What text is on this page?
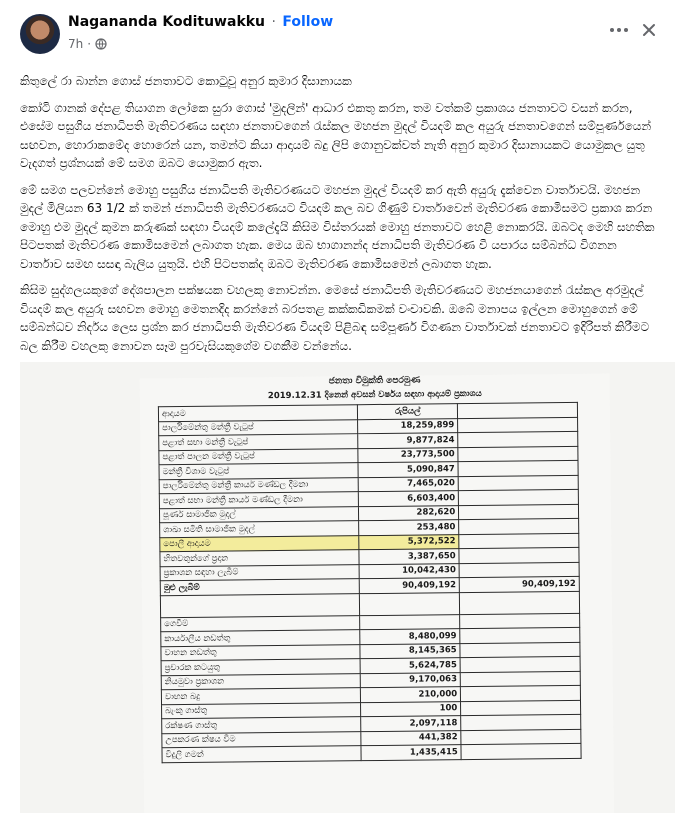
Nagananda Kodituwakku · Follow
7h ·
කිතුලේ රා බාන්න ගොස් ජනතාවට කොටුවූ අනුර කුමාර දිසානායක

කෝටි ගානක් දේපළ තියාගන ලෝකෙ සුරා ගොස් 'මුදලින්' ආධාර එකතු කරන, තම වත්කම් ප්‍රකාශය ජනතාවට වසන් කරන, එසේම පසුගිය ජනාධිපති මැතිවරණය සඳහා ජනතාවගෙන් රැස්කල මහජන මුදල් වියදම් කල අයුරු ජනතාවගෙන් සම්පූර්ණයෙන් සඟවන, හොරාකමේද හොරෙන් යන, තමන්ට කියා ආදායම් බදු ලිපි ගොනුවක්වත් නැති අනුර කුමාර දිසානායකට යොමුකල යුතු වැදගත් ප්‍රශ්නයක් මේ සමග ඔබට යොමුකර ඇත.

මේ සමග පලවන්නේ මොහු පසුගිය ජනාධිපති මැතිවරණයට මහජන මුදල් වියදම් කර ඇති අයුරු දැක්වෙන වාර්තාවයි. මහජන මුදල් මිලියන 63 1/2 ක් තමන් ජනාධිපති මැතිවරණයට වියදම් කල බව ගිණුම් වාර්තාවෙන් මැතිවරණ කොමිසමට ප්‍රකාශ කරන මොහු එම මුදල් කුමන කරුණක් සඳහා වියදම් කලේදැයි කිසිම විස්තරයක් මොහු ජනතාවට හෙළි නොකරයි. ඔබටද මෙහි සහතික පිටපතක් මැතිවරණ කොමිසමෙන් ලබාගත හැක. මෙය ඔබ භාගානන්ද ජනාධිපති මැතිවරණ වී යපාරය සම්බන්ධ විගනන වාර්තාව සමඟ සසඳා බැලිය යුතුයි. එහි පිටපතක්ද ඔබට මැතිවරණ කොමිසමෙන් ලබාගත හැක.

කිසිම සුද්ගලයකුගේ දේශපාලන පක්ෂයක වහලකු නොවන්න. මෙසේ ජනාධිපති මැතිවරණයට මහජනයාගෙන් රැස්කල අරමුදල් වියදම් කල අයුරු සඟවන මොහු මෙතනදිද කරන්නේ බරපතළ කක්කඩිකමක් වංචාවකි. ඔබේ මනාපය ඉල්ලන මොහුගෙන් මේ සම්බන්ධව නිර්දය ලෙස ප්‍රශ්න කර ජනාධිපති මැතිවරණ වියදම් පිළිබඳ සම්පූර්ණ විගණන වාර්තාවක් ජනතාවට ඉදිරිපත් කිරීමට බල කිරීම වහලකු නොවන සෑම පුරවැසියකුගේම වගකීම වන්නේය.

ජනතා විමුක්ති පෙරමුණ
2019.12.31 දිනෙන් අවසන් වර්ෂය සඳහා ආදායම් ප්‍රකාශය
ආදායම	රුපියල්	
පාර්ලිමේන්තු මන්ත්‍රී වැටුප්	18,259,899	
පළාත් සභා මන්ත්‍රී වැටුප්	9,877,824	
පළාත් පාලන මන්ත්‍රී වැටුප්	23,773,500	
මන්ත්‍රී විශාම වැටුප්	5,090,847	
පාර්ලිමේන්තු මන්ත්‍රී කාර්ය මණ්ඩල දීමනා	7,465,020	
පළාත් සභා මන්ත්‍රී කාර්ය මණ්ඩල දීමනා	6,603,400	
පූර්ණ සාමාජික මුදල්	282,620	
ශාඛා සමිති සාමාජික මුදල්	253,480	
පොලී ආදායම	5,372,522	
හිතවතුන්ගේ ප්‍රදාන	3,387,650	
ප්‍රකාශන සඳහා ලැබීම්	10,042,430	
මුළු ලැබීම්	90,409,192	90,409,192

ගෙවීම්		
කාර්යාලීය නඩත්තු	8,480,099	
වාහන නඩත්තු	8,145,365	
ප්‍රචාරක කටයුතු	5,624,785	
නියමුවා ප්‍රකාශන	9,170,063	
වාහන බදු	210,000	
බැංකු ගාස්තු	100	
රක්ෂණ ගාස්තු	2,097,118	
උපකරණ ක්ෂය වීම	441,382	
විදුලි ගමන්	1,435,415	
